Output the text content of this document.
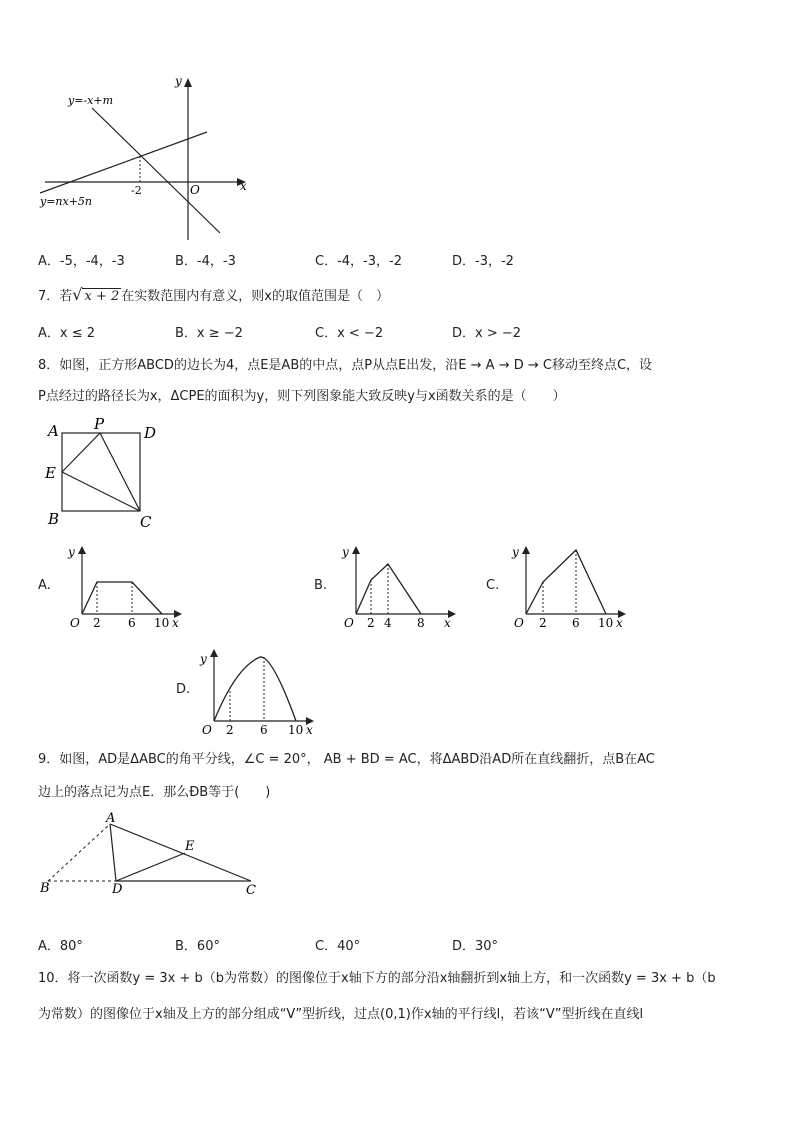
y=-x+m
y=nx+5n
-2	O	x
y
A．-5，-4，-3	B．-4，-3	C．-4，-3，-2	D．-3，-2
7．若√ x + 2 在实数范围内有意义，则x的取值范围是（　）
A．x ≤ 2	B．x ≥ −2	C．x < −2	D．x > −2
8．如图，正方形ABCD的边长为4，点E是AB的中点，点P从点E出发，沿E → A → D → C移动至终点C，设
P点经过的路径长为x，ΔCPE的面积为y，则下列图象能大致反映y与x函数关系的是（　　）
A P	D
E
B	C
A.
y
O 2 6 10 x
B.
y
O 2 4 8 x
C.
y
O 2 6 10 x
D.
y
O 2 6 10 x
9．如图，AD是ΔABC的角平分线，∠C = 20°， AB + BD = AC，将ΔABD沿AD所在直线翻折，点B在AC
边上的落点记为点E．那么ÐB等于(　　)
A
E
B	D	C
A．80°	B．60°	C．40°	D．30°
10．将一次函数y = 3x + b（b为常数）的图像位于x轴下方的部分沿x轴翻折到x轴上方，和一次函数y = 3x + b（b
为常数）的图像位于x轴及上方的部分组成“V”型折线，过点(0,1)作x轴的平行线l，若该“V”型折线在直线l
